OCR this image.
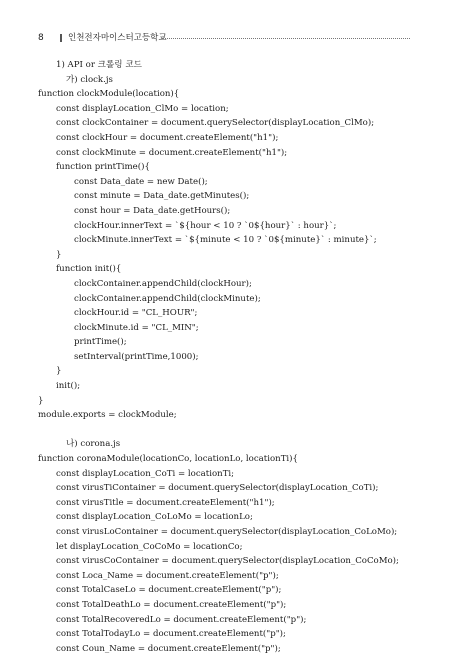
8	인천전자마이스터고등학교
1) API or 크롤링 코드
가) clock.js
function clockModule(location){
const displayLocation_ClMo = location;
const clockContainer = document.querySelector(displayLocation_ClMo);
const clockHour = document.createElement("h1");
const clockMinute = document.createElement("h1");
function printTime(){
const Data_date = new Date();
const minute = Data_date.getMinutes();
const hour = Data_date.getHours();
clockHour.innerText = `${hour < 10 ? `0${hour}` : hour}`;
clockMinute.innerText = `${minute < 10 ? `0${minute}` : minute}`;
}
function init(){
clockContainer.appendChild(clockHour);
clockContainer.appendChild(clockMinute);
clockHour.id = "CL_HOUR";
clockMinute.id = "CL_MIN";
printTime();
setInterval(printTime,1000);
}
init();
}
module.exports = clockModule;
나) corona.js
function coronaModule(locationCo, locationLo, locationTi){
const displayLocation_CoTi = locationTi;
const virusTiContainer = document.querySelector(displayLocation_CoTi);
const virusTitle = document.createElement("h1");
const displayLocation_CoLoMo = locationLo;
const virusLoContainer = document.querySelector(displayLocation_CoLoMo);
let displayLocation_CoCoMo = locationCo;
const virusCoContainer = document.querySelector(displayLocation_CoCoMo);
const Loca_Name = document.createElement("p");
const TotalCaseLo = document.createElement("p");
const TotalDeathLo = document.createElement("p");
const TotalRecoveredLo = document.createElement("p");
const TotalTodayLo = document.createElement("p");
const Coun_Name = document.createElement("p");
